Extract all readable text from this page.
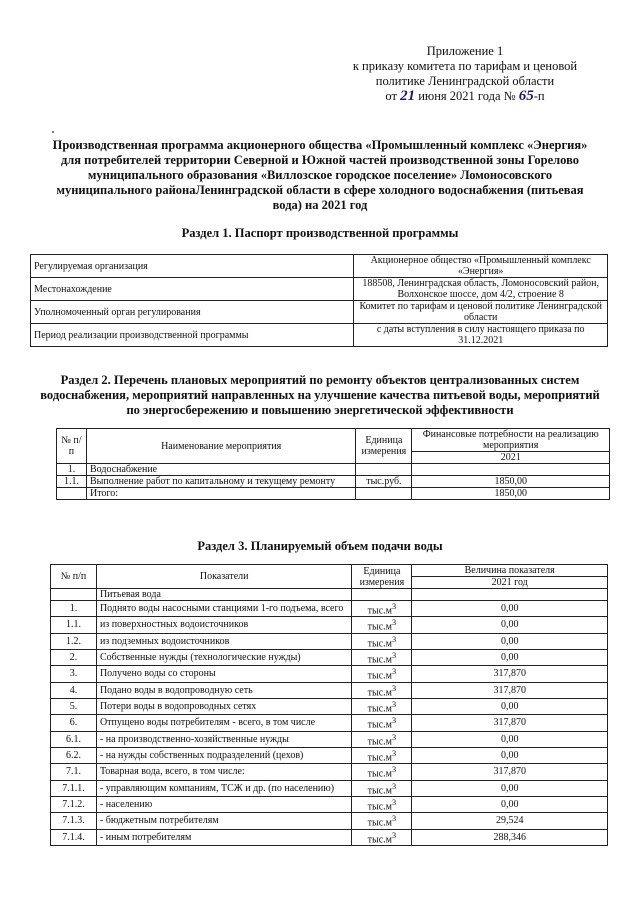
Приложение 1
к приказу комитета по тарифам и ценовой
политике Ленинградской области
от 21 июня 2021 года № 65-п
Производственная программа акционерного общества «Промышленный комплекс «Энергия» для потребителей территории Северной и Южной частей производственной зоны Горелово муниципального образования «Виллозское городское поселение» Ломоносовского муниципального районаЛенинградской области в сфере холодного водоснабжения (питьевая вода) на 2021 год
Раздел 1. Паспорт производственной программы
Регулируемая организация	Акционерное общество «Промышленный комплекс «Энергия»
Местонахождение	188508, Ленинградская область, Ломоносовский район, Волхонское шоссе, дом 4/2, строение 8
Уполномоченный орган регулирования	Комитет по тарифам и ценовой политике Ленинградской области
Период реализации производственной программы	с даты вступления в силу настоящего приказа по 31.12.2021
Раздел 2. Перечень плановых мероприятий по ремонту объектов централизованных систем водоснабжения, мероприятий направленных на улучшение качества питьевой воды, мероприятий по энергосбережению и повышению энергетической эффективности
№ п/п	Наименование мероприятия	Единица измерения	Финансовые потребности на реализацию мероприятия
			2021
1.	Водоснабжение		
1.1.	Выполнение работ по капитальному и текущему ремонту	тыс.руб.	1850,00
	Итого:		1850,00
Раздел 3. Планируемый объем подачи воды
№ п/п	Показатели	Единица измерения	Величина показателя
			2021 год
	Питьевая вода		
1.	Поднято воды насосными станциями 1-го подъема, всего	$тыс.м^3$	0,00
1.1.	из поверхностных водоисточников	$тыс.м^3$	0,00
1.2.	из подземных водоисточников	$тыс.м^3$	0,00
2.	Собственные нужды (технологические нужды)	$тыс.м^3$	0,00
3.	Получено воды со стороны	$тыс.м^3$	317,870
4.	Подано воды в водопроводную сеть	$тыс.м^3$	317,870
5.	Потери воды в водопроводных сетях	$тыс.м^3$	0,00
6.	Отпущено воды потребителям - всего, в том числе	$тыс.м^3$	317,870
6.1.	- на производственно-хозяйственные нужды	$тыс.м^3$	0,00
6.2.	- на нужды собственных подразделений (цехов)	$тыс.м^3$	0,00
7.1.	Товарная вода, всего, в том числе:	$тыс.м^3$	317,870
7.1.1.	- управляющим компаниям, ТСЖ и др. (по населению)	$тыс.м^3$	0,00
7.1.2.	- населению	$тыс.м^3$	0,00
7.1.3.	- бюджетным потребителям	$тыс.м^3$	29,524
7.1.4.	- иным потребителям	$тыс.м^3$	288,346
